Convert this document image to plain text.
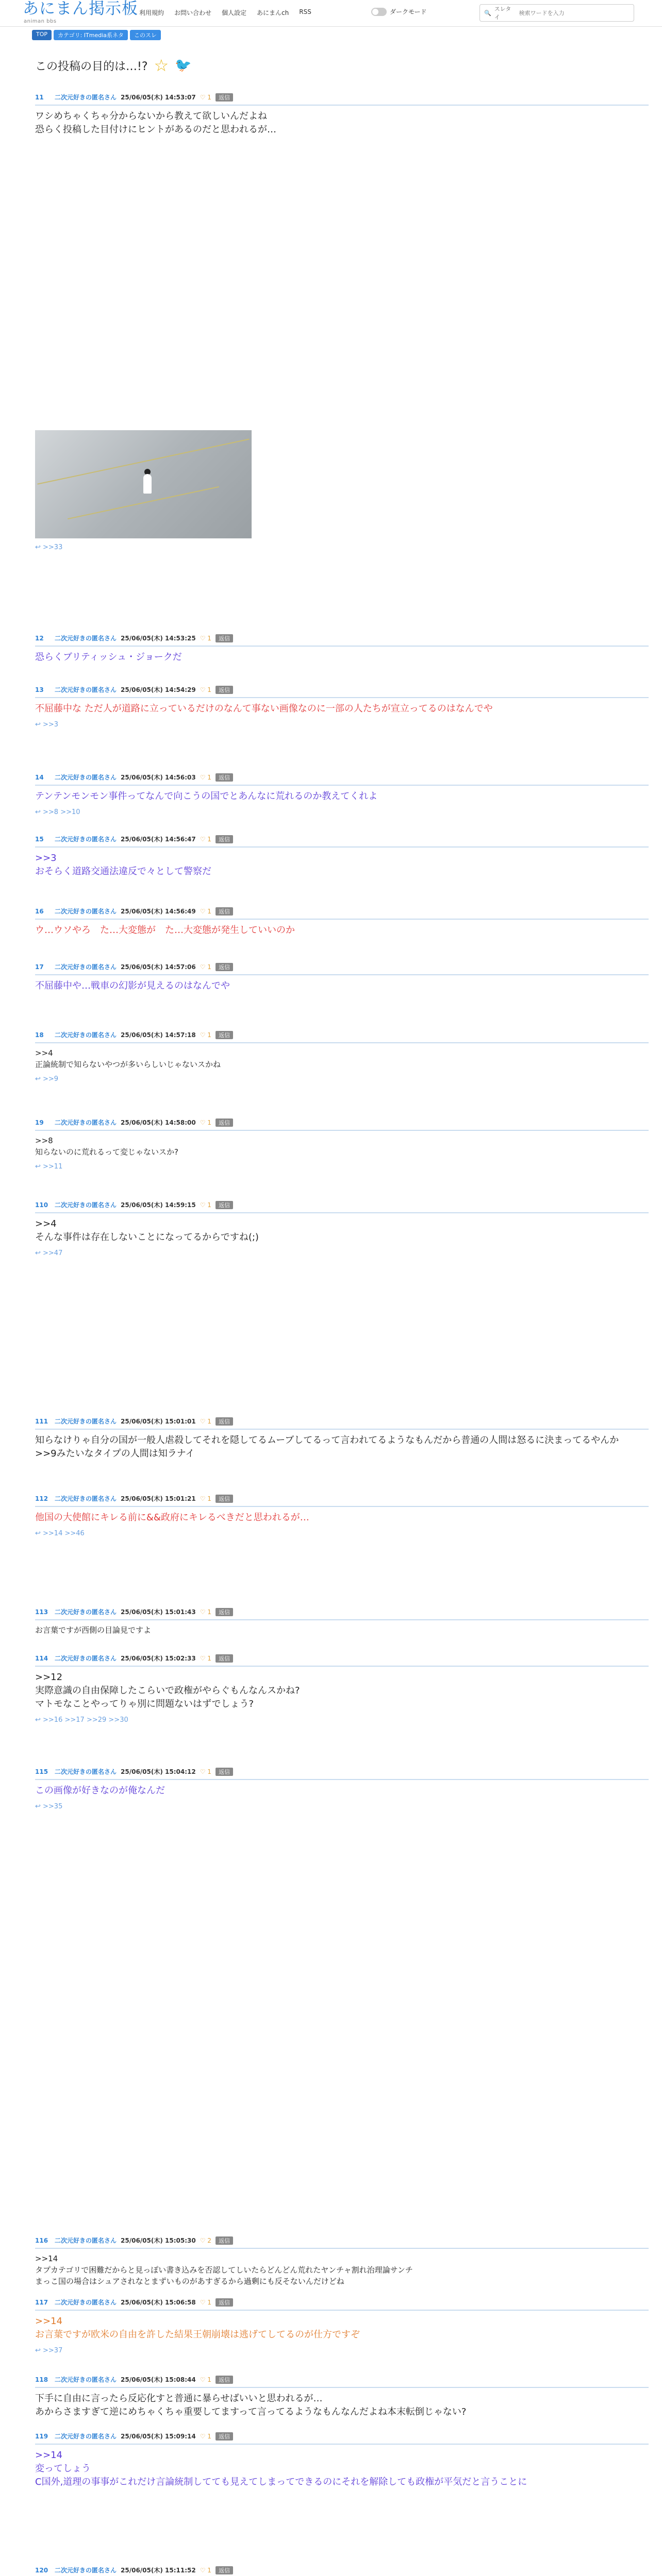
あにまん掲示板
animan bbs
利用規約 お問い合わせ 個人設定 あにまんch RSS	ダークモード	🔍
スレタイ
検索ワードを入力
TOP	カテゴリ: ITmedia系ネタ	このスレ
この投稿の目的は…!? ☆ 🐦
11	二次元好きの匿名さん 25/06/05(木) 14:53:07 ♡ 1	返信
ワシめちゃくちゃ分からないから教えて欲しいんだよね
恐らく投稿した目付けにヒントがあるのだと思われるが…
↩ >>33
12	二次元好きの匿名さん 25/06/05(木) 14:53:25 ♡ 1	返信
恐らくブリティッシュ・ジョークだ
13	二次元好きの匿名さん 25/06/05(木) 14:54:29 ♡ 1	返信
不屈藤中な ただ人が道路に立っているだけのなんて事ない画像なのに一部の人たちが宣立ってるのはなんでや
↩ >>3
14	二次元好きの匿名さん 25/06/05(木) 14:56:03 ♡ 1	返信
テンテンモンモン事件ってなんで向こうの国でとあんなに荒れるのか教えてくれよ
↩ >>8 >>10
15	二次元好きの匿名さん 25/06/05(木) 14:56:47 ♡ 1	返信
>>3
おそらく道路交通法違反で々として警察だ
16	二次元好きの匿名さん 25/06/05(木) 14:56:49 ♡ 1	返信
ウ…ウソやろ　た…大変態が　た…大変態が発生していいのか
17	二次元好きの匿名さん 25/06/05(木) 14:57:06 ♡ 1	返信
不屈藤中や…戦車の幻影が見えるのはなんでや
18	二次元好きの匿名さん 25/06/05(木) 14:57:18 ♡ 1	返信
>>4
正論統制で知らないやつが多いらしいじゃないスかね
↩ >>9
19	二次元好きの匿名さん 25/06/05(木) 14:58:00 ♡ 1	返信
>>8
知らないのに荒れるって変じゃないスか?
↩ >>11
110	二次元好きの匿名さん 25/06/05(木) 14:59:15 ♡ 1	返信
>>4
そんな事件は存在しないことになってるからですね(;)
↩ >>47
111	二次元好きの匿名さん 25/06/05(木) 15:01:01 ♡ 1	返信
知らなけりゃ自分の国が一般人虐殺してそれを隠してるムーブしてるって言われてるようなもんだから普通の人間は怒るに決まってるやんか
>>9みたいなタイプの人間は知ラナイ
112	二次元好きの匿名さん 25/06/05(木) 15:01:21 ♡ 1	返信
他国の大使館にキレる前に&&政府にキレるべきだと思われるが…
↩ >>14 >>46
113	二次元好きの匿名さん 25/06/05(木) 15:01:43 ♡ 1	返信
お言葉ですが西側の目論見ですよ
114	二次元好きの匿名さん 25/06/05(木) 15:02:33 ♡ 1	返信
>>12
実際意識の自由保障したこらいで政権がやらぐもんなんスかね?
マトモなことやってりゃ別に問題ないはずでしょう?
↩ >>16 >>17 >>29 >>30
115	二次元好きの匿名さん 25/06/05(木) 15:04:12 ♡ 1	返信
この画像が好きなのが俺なんだ
↩ >>35
116	二次元好きの匿名さん 25/06/05(木) 15:05:30 ♡ 2	返信
>>14
タプカテゴリで困難だからと見っぽい書き込みを否認してしいたらどんどん荒れたヤンチャ割れ治理論サンチ
まっこ国の場合はシュアされなとまずいものがあすぎるから過剰にも反そないんだけどね
117	二次元好きの匿名さん 25/06/05(木) 15:06:58 ♡ 1	返信
>>14
お言葉ですが欧米の自由を許した結果王朝崩壊は逃げてしてるのが仕方ですぞ
↩ >>37
118	二次元好きの匿名さん 25/06/05(木) 15:08:44 ♡ 1	返信
下手に自由に言ったら反応化すと普通に暴らせばいいと思われるが…
あからさますぎて逆にめちゃくちゃ重要してますって言ってるようなもんなんだよね本末転倒じゃない?
119	二次元好きの匿名さん 25/06/05(木) 15:09:14 ♡ 1	返信
>>14
変ってしょう
C国外,道理の事事がこれだけ言論統制してても見えてしまってできるのにそれを解除しても政権が平気だと言うことに
120	二次元好きの匿名さん 25/06/05(木) 15:11:52 ♡ 1	返信
